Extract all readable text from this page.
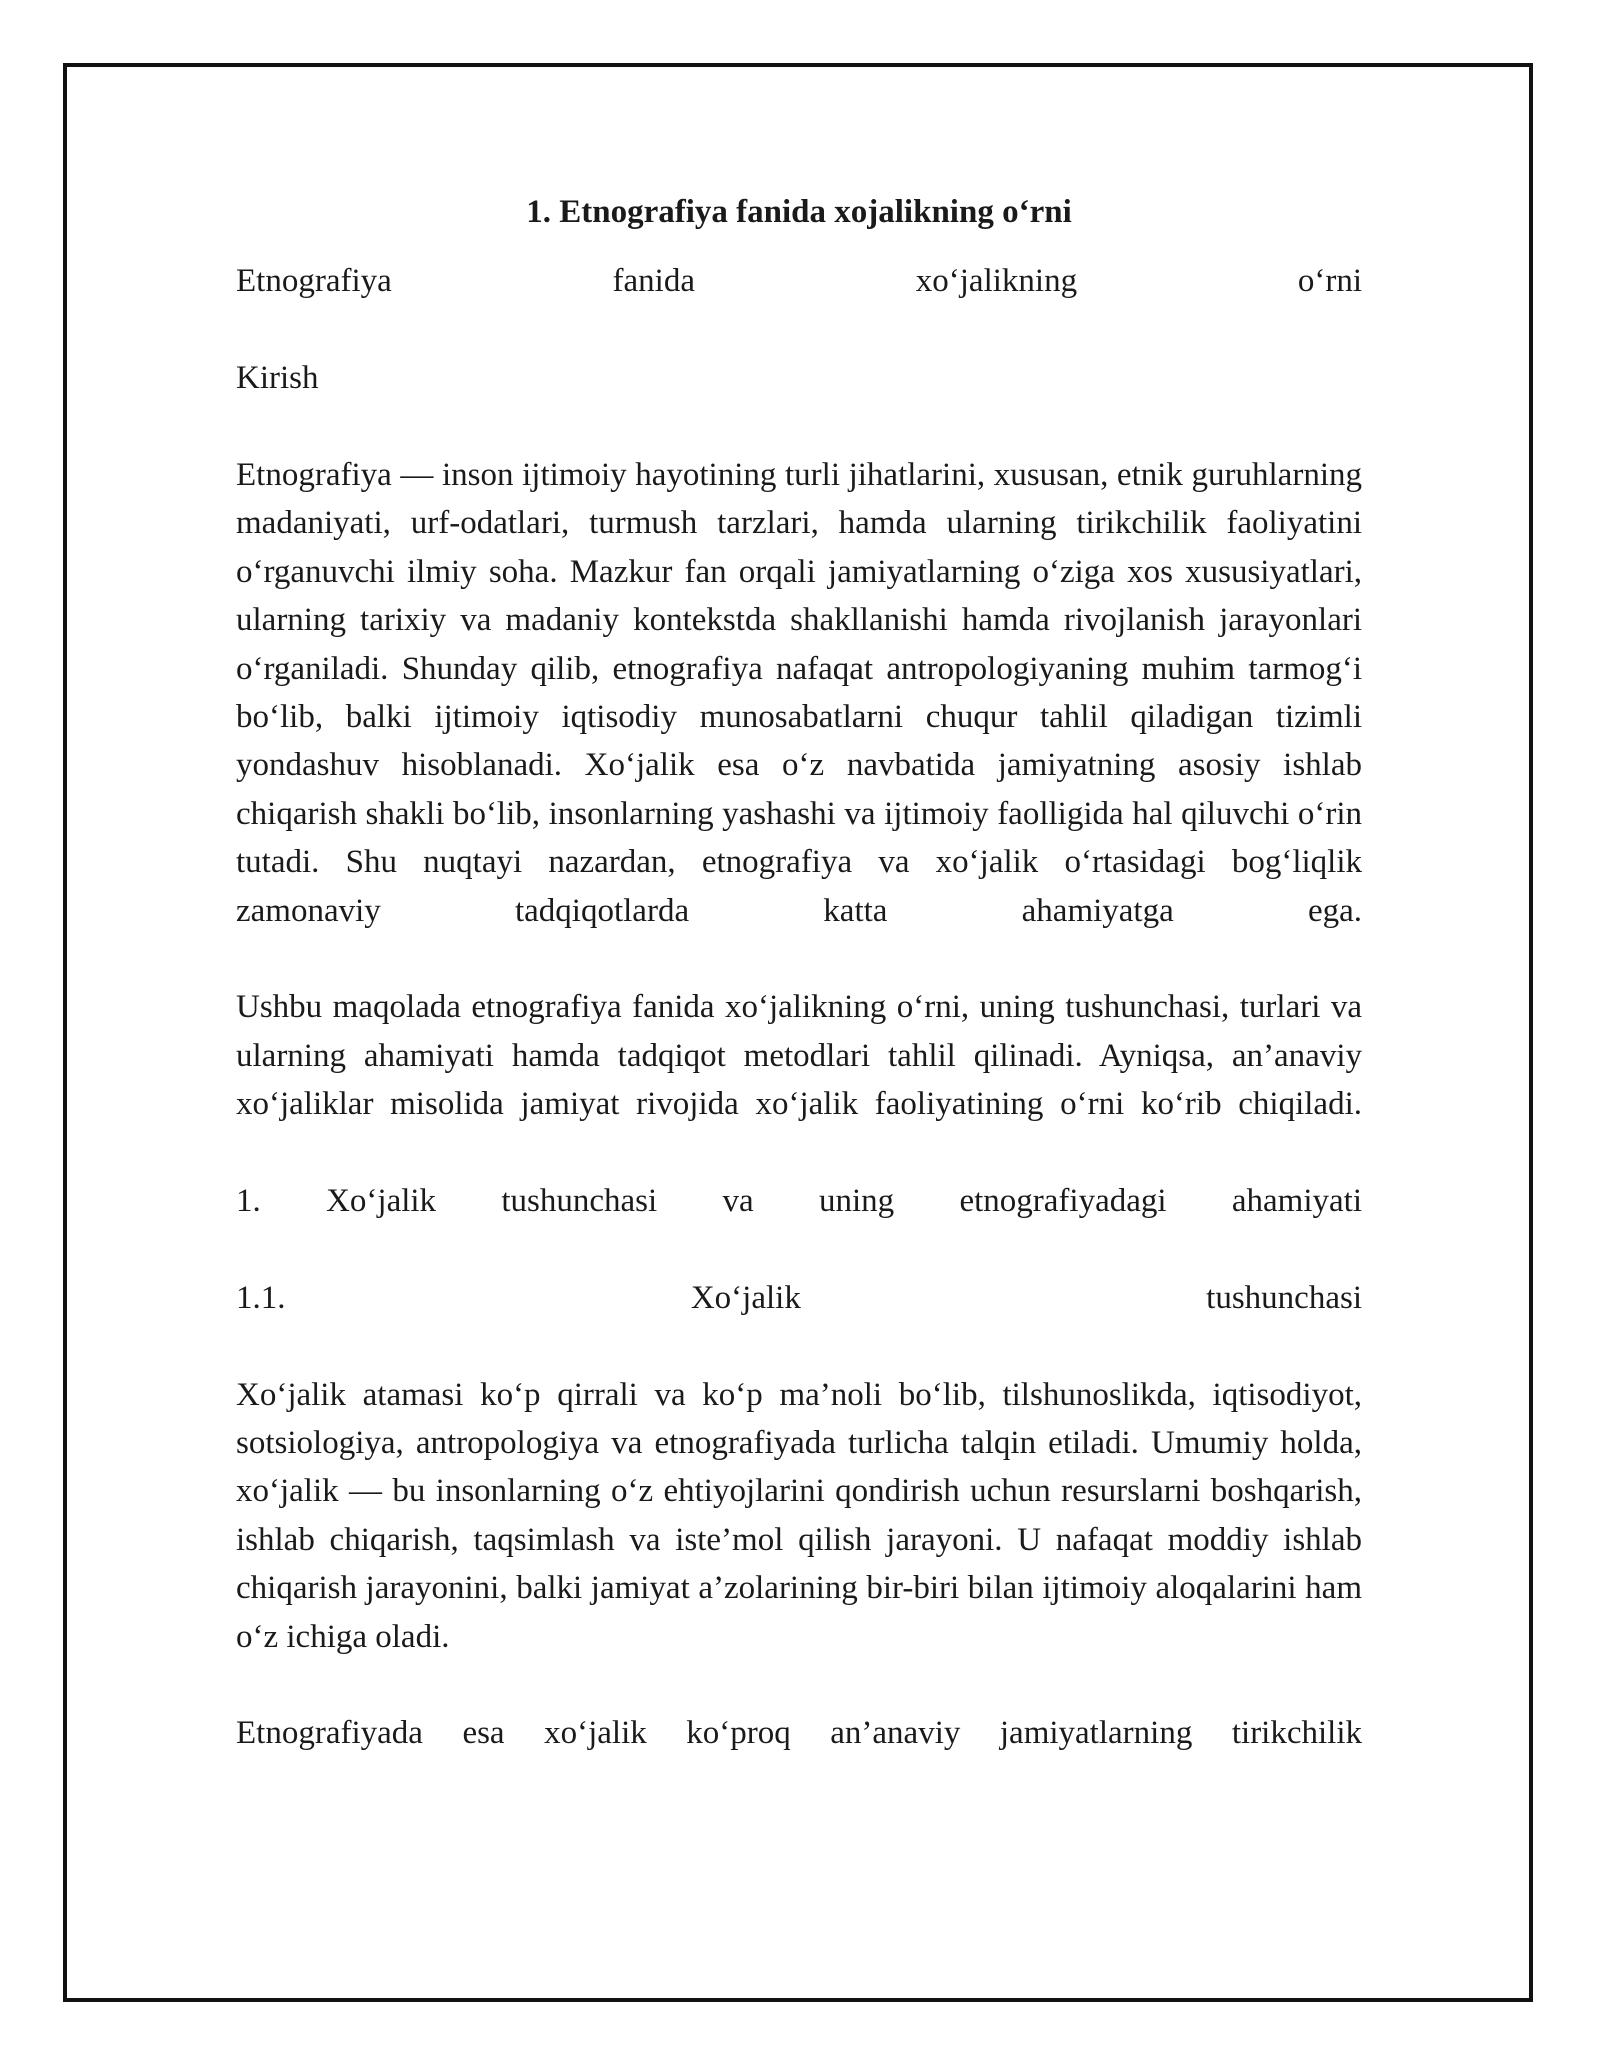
1. Etnografiya fanida xojalikning o‘rni
Etnografiya fanida xo‘jalikning o‘rni
Kirish
Etnografiya — inson ijtimoiy hayotining turli jihatlarini, xususan, etnik guruhlarning madaniyati, urf-odatlari, turmush tarzlari, hamda ularning tirikchilik faoliyatini o‘rganuvchi ilmiy soha. Mazkur fan orqali jamiyatlarning o‘ziga xos xususiyatlari, ularning tarixiy va madaniy kontekstda shakllanishi hamda rivojlanish jarayonlari o‘rganiladi. Shunday qilib, etnografiya nafaqat antropologiyaning muhim tarmog‘i bo‘lib, balki ijtimoiy iqtisodiy munosabatlarni chuqur tahlil qiladigan tizimli yondashuv hisoblanadi. Xo‘jalik esa o‘z navbatida jamiyatning asosiy ishlab chiqarish shakli bo‘lib, insonlarning yashashi va ijtimoiy faolligida hal qiluvchi o‘rin tutadi. Shu nuqtayi nazardan, etnografiya va xo‘jalik o‘rtasidagi bog‘liqlik zamonaviy tadqiqotlarda katta ahamiyatga ega.
Ushbu maqolada etnografiya fanida xo‘jalikning o‘rni, uning tushunchasi, turlari va ularning ahamiyati hamda tadqiqot metodlari tahlil qilinadi. Ayniqsa, an’anaviy xo‘jaliklar misolida jamiyat rivojida xo‘jalik faoliyatining o‘rni ko‘rib chiqiladi.
1. Xo‘jalik tushunchasi va uning etnografiyadagi ahamiyati
1.1. Xo‘jalik tushunchasi
Xo‘jalik atamasi ko‘p qirrali va ko‘p ma’noli bo‘lib, tilshunoslikda, iqtisodiyot, sotsiologiya, antropologiya va etnografiyada turlicha talqin etiladi. Umumiy holda, xo‘jalik — bu insonlarning o‘z ehtiyojlarini qondirish uchun resurslarni boshqarish, ishlab chiqarish, taqsimlash va iste’mol qilish jarayoni. U nafaqat moddiy ishlab chiqarish jarayonini, balki jamiyat a’zolarining bir-biri bilan ijtimoiy aloqalarini ham o‘z ichiga oladi.
Etnografiyada esa xo‘jalik ko‘proq an’anaviy jamiyatlarning tirikchilik
